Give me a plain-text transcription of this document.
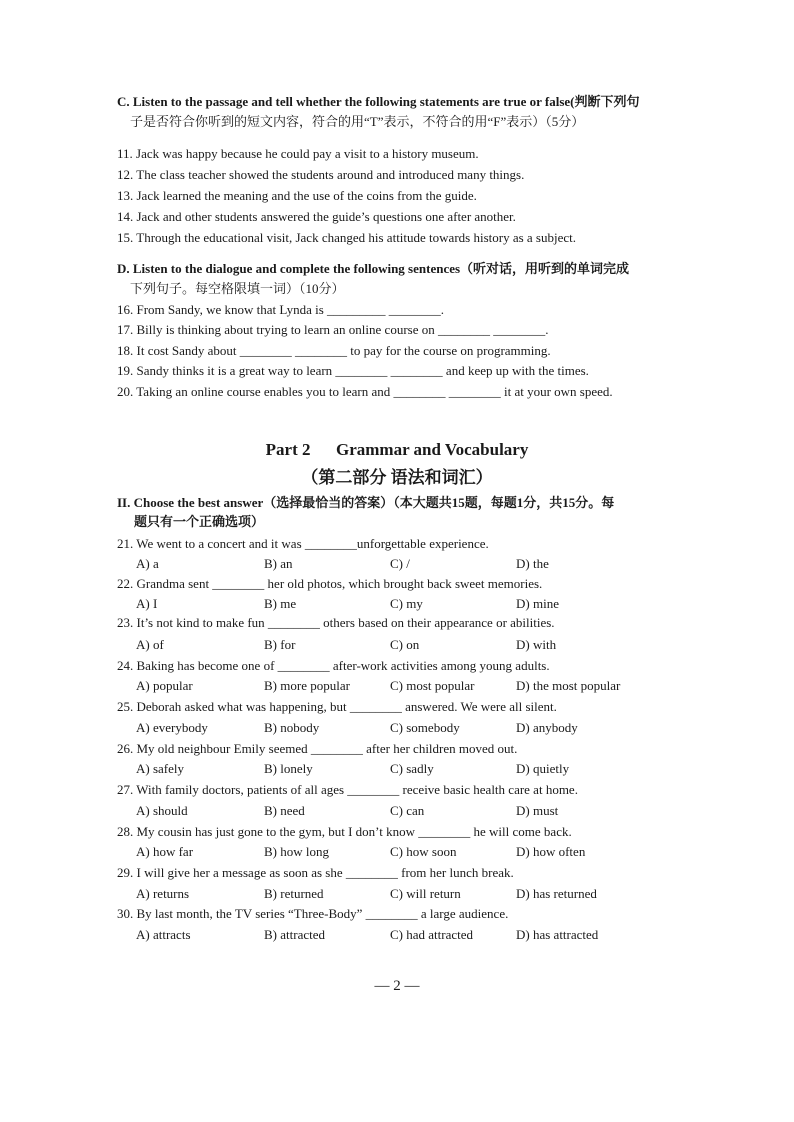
C. Listen to the passage and tell whether the following statements are true or false(判断下列句
子是否符合你听到的短文内容，符合的用“T”表示，不符合的用“F”表示）（5分）
11. Jack was happy because he could pay a visit to a history museum.
12. The class teacher showed the students around and introduced many things.
13. Jack learned the meaning and the use of the coins from the guide.
14. Jack and other students answered the guide’s questions one after another.
15. Through the educational visit, Jack changed his attitude towards history as a subject.
D. Listen to the dialogue and complete the following sentences（听对话，用听到的单词完成
下列句子。每空格限填一词）（10分）
16. From Sandy, we know that Lynda is _________ ________.
17. Billy is thinking about trying to learn an online course on ________ ________.
18. It cost Sandy about ________ ________ to pay for the course on programming.
19. Sandy thinks it is a great way to learn ________ ________ and keep up with the times.
20. Taking an online course enables you to learn and ________ ________ it at your own speed.
Part 2      Grammar and Vocabulary
（第二部分 语法和词汇）
II. Choose the best answer（选择最恰当的答案）（本大题共15题，每题1分，共15分。每
题只有一个正确选项）
21. We went to a concert and it was ________unforgettable experience.
A) a	B) an	C) /	D) the
22. Grandma sent ________ her old photos, which brought back sweet memories.
A) I	B) me	C) my	D) mine
23. It’s not kind to make fun ________ others based on their appearance or abilities.
A) of	B) for	C) on	D) with
24. Baking has become one of ________ after-work activities among young adults.
A) popular	B) more popular	C) most popular	D) the most popular
25. Deborah asked what was happening, but ________ answered. We were all silent.
A) everybody	B) nobody	C) somebody	D) anybody
26. My old neighbour Emily seemed ________ after her children moved out.
A) safely	B) lonely	C) sadly	D) quietly
27. With family doctors, patients of all ages ________ receive basic health care at home.
A) should	B) need	C) can	D) must
28. My cousin has just gone to the gym, but I don’t know ________ he will come back.
A) how far	B) how long	C) how soon	D) how often
29. I will give her a message as soon as she ________ from her lunch break.
A) returns	B) returned	C) will return	D) has returned
30. By last month, the TV series “Three-Body” ________ a large audience.
A) attracts	B) attracted	C) had attracted	D) has attracted
— 2 —
